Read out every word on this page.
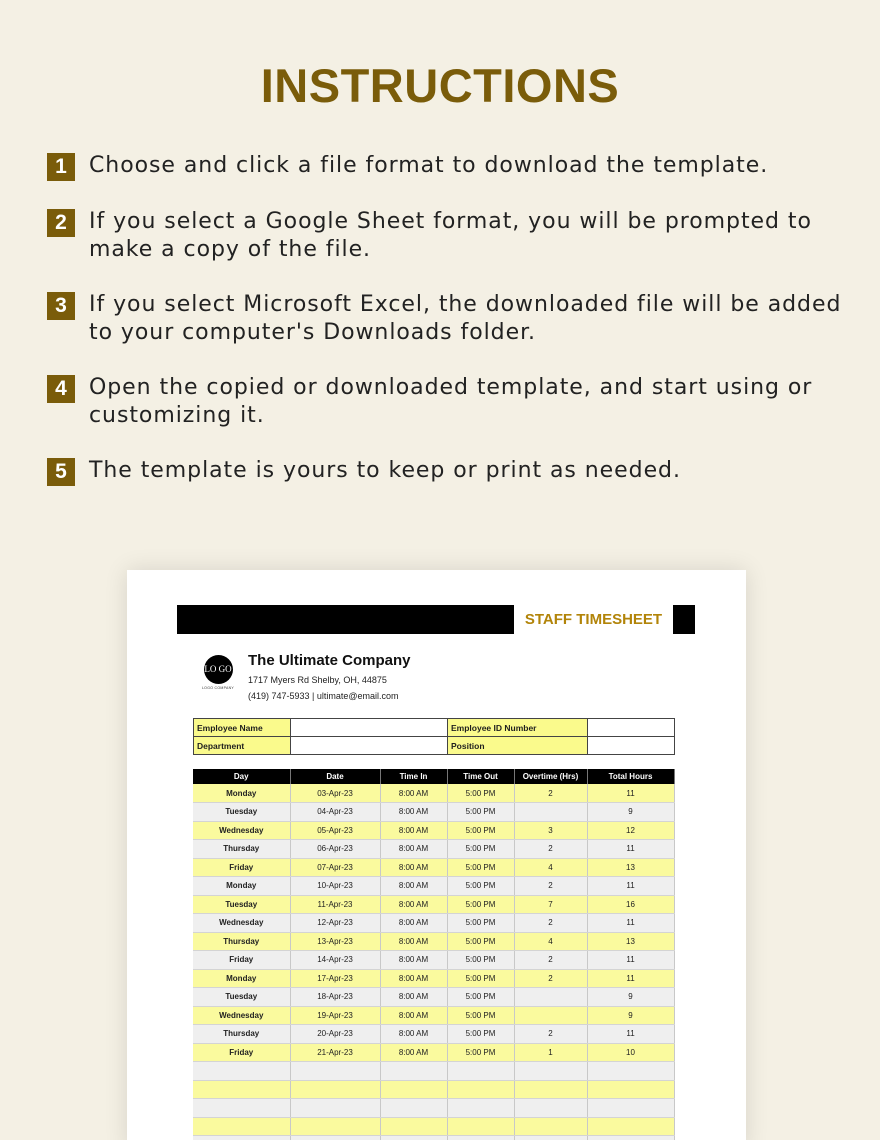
INSTRUCTIONS
1	Choose and click a file format to download the template.
2	If you select a Google Sheet format, you will be prompted to make a copy of the file.
3	If you select Microsoft Excel, the downloaded file will be added to your computer's Downloads folder.
4	Open the copied or downloaded template, and start using or customizing it.
5	The template is yours to keep or print as needed.
STAFF TIMESHEET
LO GO
LOGO COMPANY
The Ultimate Company
1717 Myers Rd Shelby, OH, 44875
(419) 747-5933 | ultimate@email.com
Employee Name		Employee ID Number	
Department		Position	
Day	Date	Time In	Time Out	Overtime (Hrs)	Total Hours
Monday	03-Apr-23	8:00 AM	5:00 PM	2	11
Tuesday	04-Apr-23	8:00 AM	5:00 PM		9
Wednesday	05-Apr-23	8:00 AM	5:00 PM	3	12
Thursday	06-Apr-23	8:00 AM	5:00 PM	2	11
Friday	07-Apr-23	8:00 AM	5:00 PM	4	13
Monday	10-Apr-23	8:00 AM	5:00 PM	2	11
Tuesday	11-Apr-23	8:00 AM	5:00 PM	7	16
Wednesday	12-Apr-23	8:00 AM	5:00 PM	2	11
Thursday	13-Apr-23	8:00 AM	5:00 PM	4	13
Friday	14-Apr-23	8:00 AM	5:00 PM	2	11
Monday	17-Apr-23	8:00 AM	5:00 PM	2	11
Tuesday	18-Apr-23	8:00 AM	5:00 PM		9
Wednesday	19-Apr-23	8:00 AM	5:00 PM		9
Thursday	20-Apr-23	8:00 AM	5:00 PM	2	11
Friday	21-Apr-23	8:00 AM	5:00 PM	1	10
